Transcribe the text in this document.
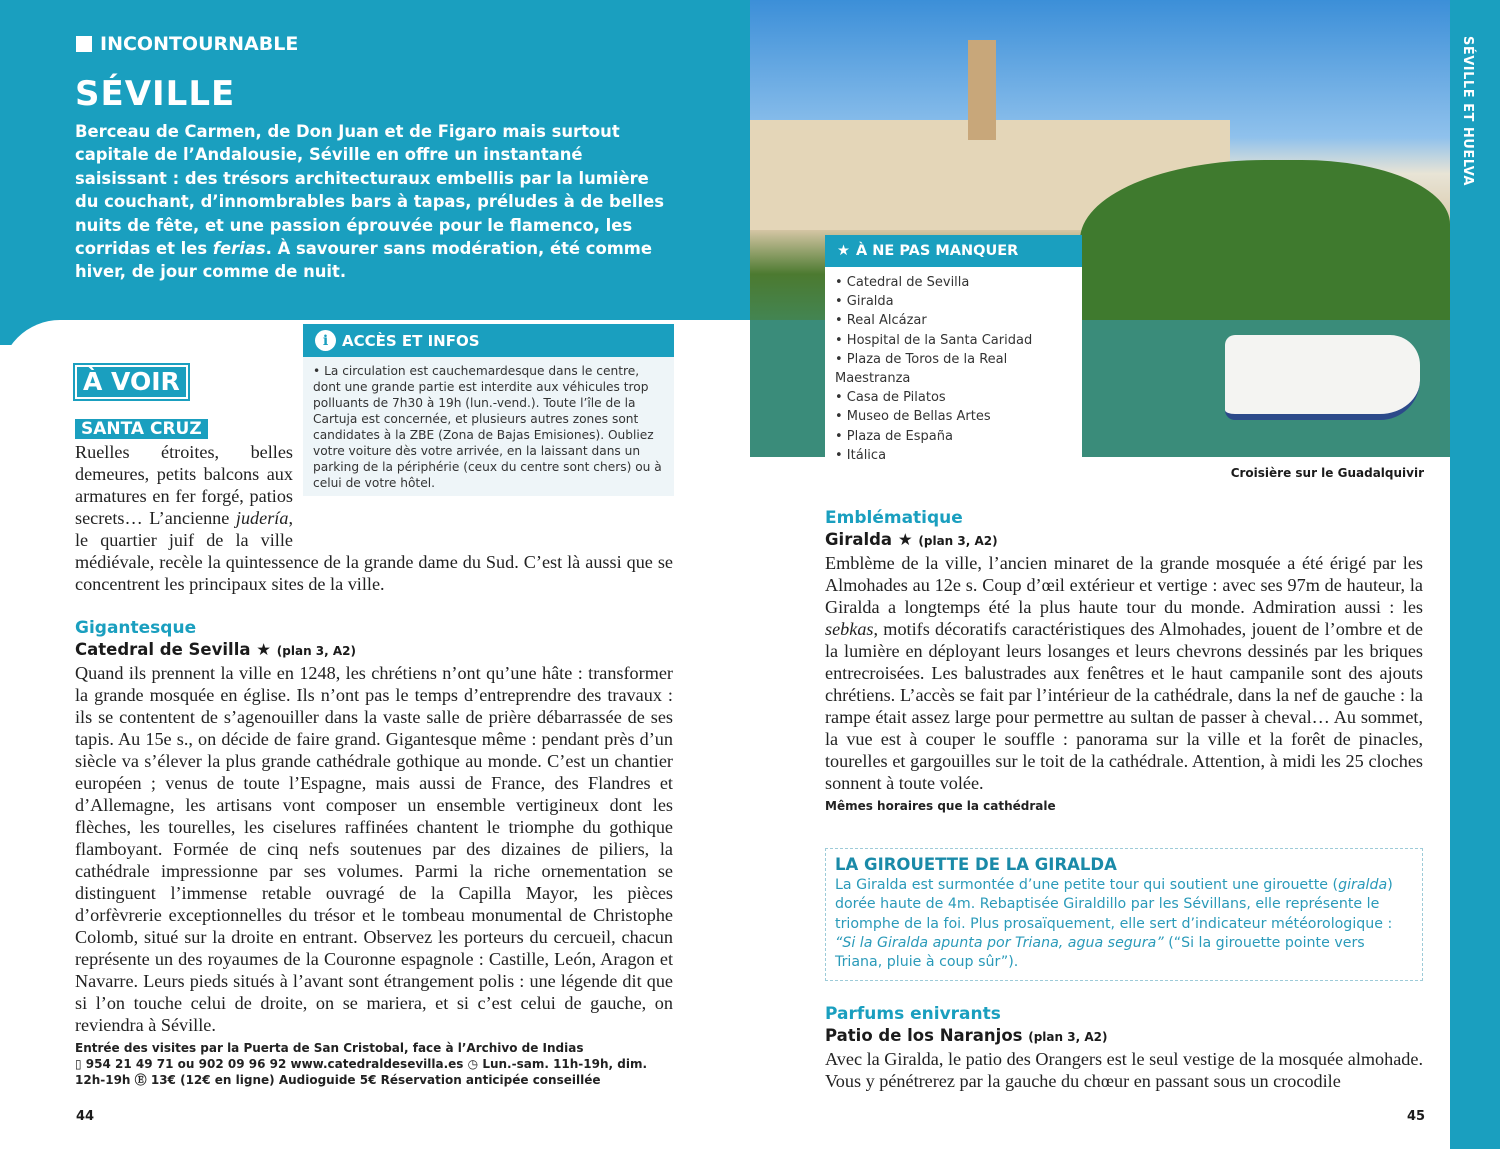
INCONTOURNABLE
SÉVILLE

Berceau de Carmen, de Don Juan et de Figaro mais surtout capitale de l’Andalousie, Séville en offre un instantané saisissant : des trésors architecturaux embellis par la lumière du couchant, d’innombrables bars à tapas, préludes à de belles nuits de fête, et une passion éprouvée pour le flamenco, les corridas et les ferias. À savourer sans modération, été comme hiver, de jour comme de nuit.

À VOIR
SANTA CRUZ

Ruelles étroites, belles demeures, petits balcons aux armatures en fer forgé, patios secrets… L’ancienne judería, le quartier juif de la ville médiévale, recèle la quintessence de la grande dame du Sud. C’est là aussi que se concentrent les principaux sites de la ville.

Gigantesque
Catedral de Sevilla ★ (plan 3, A2)

Quand ils prennent la ville en 1248, les chrétiens n’ont qu’une hâte : transformer la grande mosquée en église. Ils n’ont pas le temps d’entreprendre des travaux : ils se contentent de s’agenouiller dans la vaste salle de prière débarrassée de ses tapis. Au 15e s., on décide de faire grand. Gigantesque même : pendant près d’un siècle va s’élever la plus grande cathédrale gothique au monde. C’est un chantier européen ; venus de toute l’Espagne, mais aussi de France, des Flandres et d’Allemagne, les artisans vont composer un ensemble vertigineux dont les flèches, les tourelles, les ciselures raffinées chantent le triomphe du gothique flamboyant. Formée de cinq nefs soutenues par des dizaines de piliers, la cathédrale impressionne par ses volumes. Parmi la riche ornementation se distinguent l’immense retable ouvragé de la Capilla Mayor, les pièces d’orfèvrerie exceptionnelles du trésor et le tombeau monumental de Christophe Colomb, situé sur la droite en entrant. Observez les porteurs du cercueil, chacun représente un des royaumes de la Couronne espagnole : Castille, León, Aragon et Navarre. Leurs pieds situés à l’avant sont étrangement polis : une légende dit que si l’on touche celui de droite, on se mariera, et si c’est celui de gauche, on reviendra à Séville.

Entrée des visites par la Puerta de San Cristobal, face à l’Archivo de Indias
▯ 954 21 49 71 ou 902 09 96 92 www.catedraldesevilla.es ◷ Lun.-sam. 11h-19h, dim. 12h-19h Ⓔ 13€ (12€ en ligne) Audioguide 5€ Réservation anticipée conseillée
i ACCÈS ET INFOS
• La circulation est cauchemardesque dans le centre, dont une grande partie est interdite aux véhicules trop polluants de 7h30 à 19h (lun.-vend.). Toute l’île de la Cartuja est concernée, et plusieurs autres zones sont candidates à la ZBE (Zona de Bajas Emisiones). Oubliez votre voiture dès votre arrivée, en la laissant dans un parking de la périphérie (ceux du centre sont chers) ou à celui de votre hôtel.
★ À NE PAS MANQUER
• Catedral de Sevilla
• Giralda
• Real Alcázar
• Hospital de la Santa Caridad
• Plaza de Toros de la Real Maestranza
• Casa de Pilatos
• Museo de Bellas Artes
• Plaza de España
• Itálica
Croisière sur le Guadalquivir
Emblématique
Giralda ★ (plan 3, A2)

Emblème de la ville, l’ancien minaret de la grande mosquée a été érigé par les Almohades au 12e s. Coup d’œil extérieur et vertige : avec ses 97m de hauteur, la Giralda a longtemps été la plus haute tour du monde. Admiration aussi : les sebkas, motifs décoratifs caractéristiques des Almohades, jouent de l’ombre et de la lumière en déployant leurs losanges et leurs chevrons dessinés par les briques entrecroisées. Les balustrades aux fenêtres et le haut campanile sont des ajouts chrétiens. L’accès se fait par l’intérieur de la cathédrale, dans la nef de gauche : la rampe était assez large pour permettre au sultan de passer à cheval… Au sommet, la vue est à couper le souffle : panorama sur la ville et la forêt de pinacles, tourelles et gargouilles sur le toit de la cathédrale. Attention, à midi les 25 cloches sonnent à toute volée.

Mêmes horaires que la cathédrale
LA GIROUETTE DE LA GIRALDA

La Giralda est surmontée d’une petite tour qui soutient une girouette (giralda) dorée haute de 4m. Rebaptisée Giraldillo par les Sévillans, elle représente le triomphe de la foi. Plus prosaïquement, elle sert d’indicateur météorologique : “Si la Giralda apunta por Triana, agua segura” (“Si la girouette pointe vers Triana, pluie à coup sûr”).

Parfums enivrants
Patio de los Naranjos (plan 3, A2)

Avec la Giralda, le patio des Orangers est le seul vestige de la mosquée almohade. Vous y pénétrerez par la gauche du chœur en passant sous un crocodile

SÉVILLE ET HUELVA
44	45
